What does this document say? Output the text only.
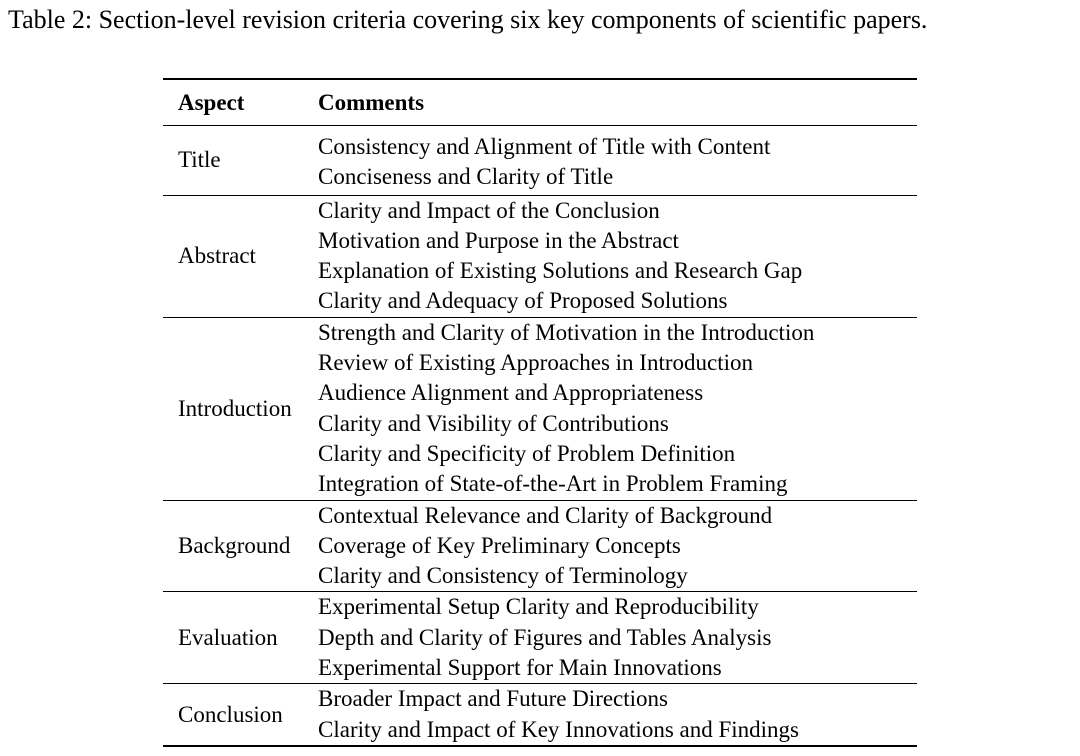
Table 2: Section-level revision criteria covering six key components of scientific papers.

Aspect	Comments
Title
Consistency and Alignment of Title with Content
Conciseness and Clarity of Title
Abstract
Clarity and Impact of the Conclusion
Motivation and Purpose in the Abstract
Explanation of Existing Solutions and Research Gap
Clarity and Adequacy of Proposed Solutions
Introduction
Strength and Clarity of Motivation in the Introduction
Review of Existing Approaches in Introduction
Audience Alignment and Appropriateness
Clarity and Visibility of Contributions
Clarity and Specificity of Problem Definition
Integration of State-of-the-Art in Problem Framing
Background
Contextual Relevance and Clarity of Background
Coverage of Key Preliminary Concepts
Clarity and Consistency of Terminology
Evaluation
Experimental Setup Clarity and Reproducibility
Depth and Clarity of Figures and Tables Analysis
Experimental Support for Main Innovations
Conclusion
Broader Impact and Future Directions
Clarity and Impact of Key Innovations and Findings
